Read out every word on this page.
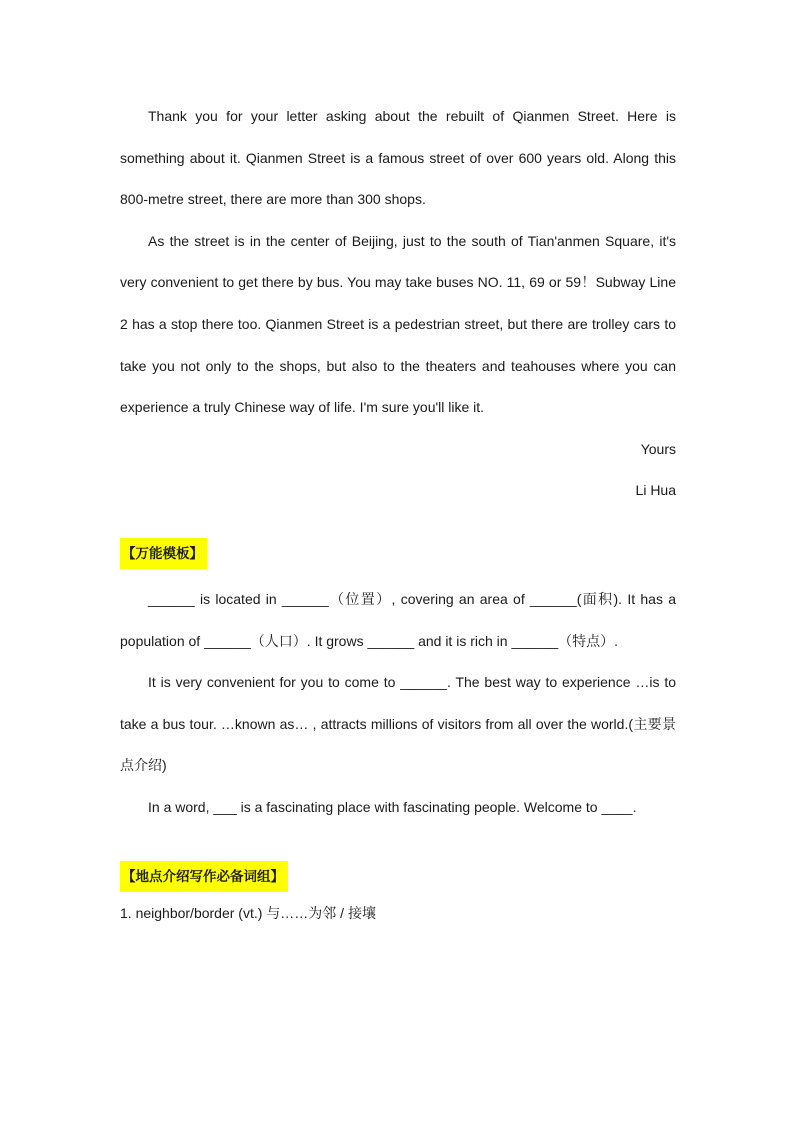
Thank you for your letter asking about the rebuilt of Qianmen Street. Here is something about it. Qianmen Street is a famous street of over 600 years old. Along this 800-metre street, there are more than 300 shops.

As the street is in the center of Beijing, just to the south of Tian'anmen Square, it's very convenient to get there by bus. You may take buses NO. 11, 69 or 59！Subway Line 2 has a stop there too. Qianmen Street is a pedestrian street, but there are trolley cars to take you not only to the shops, but also to the theaters and teahouses where you can experience a truly Chinese way of life. I'm sure you'll like it.

Yours

Li Hua

【万能模板】

______ is located in ______（位置）, covering an area of ______(面积). It has a population of ______（人口）. It grows ______ and it is rich in ______（特点）.

It is very convenient for you to come to ______. The best way to experience …is to take a bus tour. …known as… , attracts millions of visitors from all over the world.(主要景点介绍)

In a word, ___ is a fascinating place with fascinating people. Welcome to ____.

【地点介绍写作必备词组】

1. neighbor/border (vt.) 与……为邻 / 接壤
